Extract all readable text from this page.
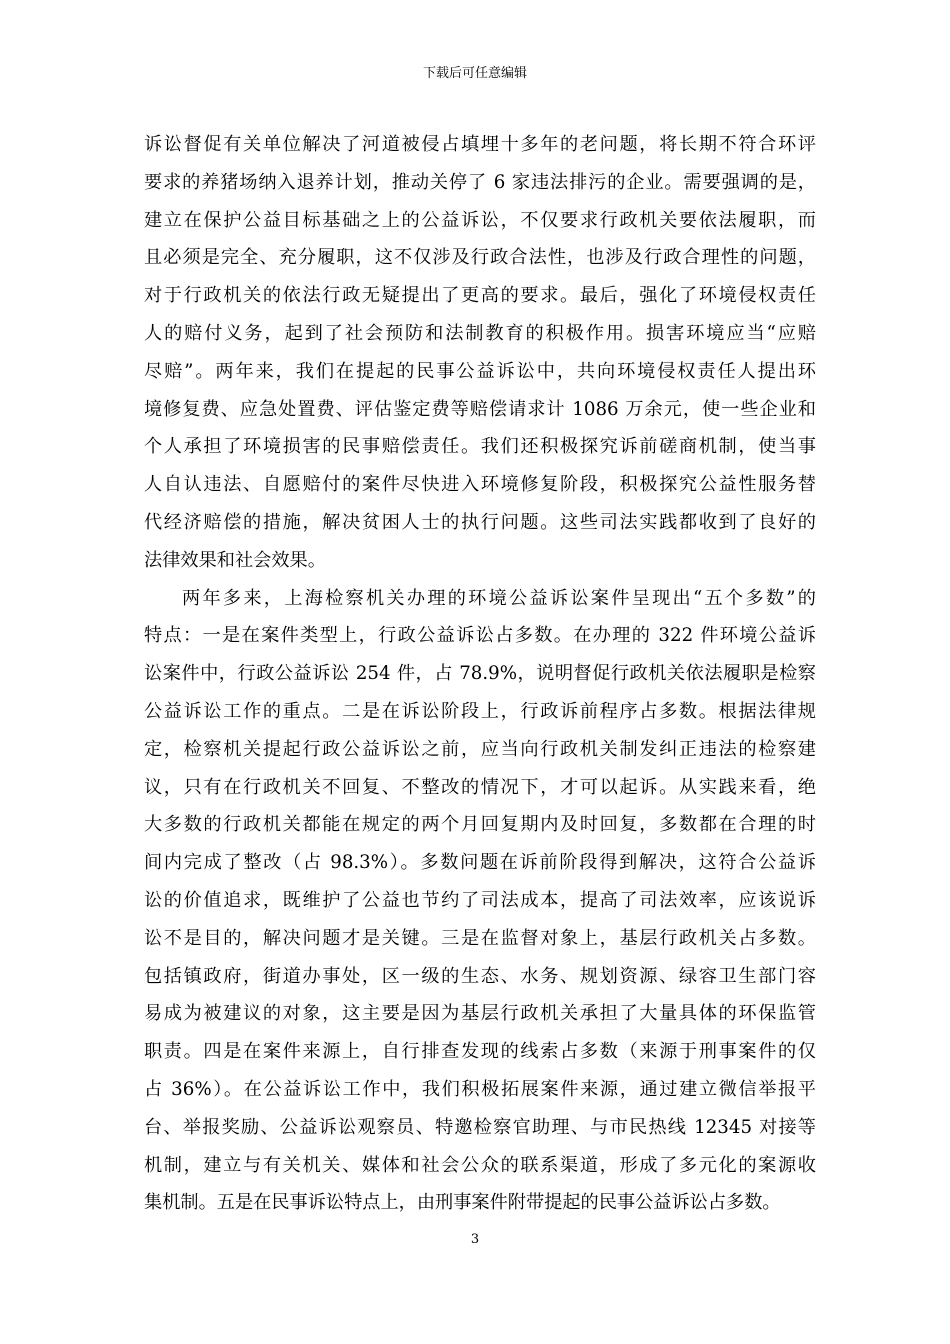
下载后可任意编辑
诉讼督促有关单位解决了河道被侵占填埋十多年的老问题，将长期不符合环评
要求的养猪场纳入退养计划，推动关停了 6 家违法排污的企业。需要强调的是，
建立在保护公益目标基础之上的公益诉讼，不仅要求行政机关要依法履职，而
且必须是完全、充分履职，这不仅涉及行政合法性，也涉及行政合理性的问题，
对于行政机关的依法行政无疑提出了更高的要求。最后，强化了环境侵权责任
人的赔付义务，起到了社会预防和法制教育的积极作用。损害环境应当“应赔
尽赔”。两年来，我们在提起的民事公益诉讼中，共向环境侵权责任人提出环
境修复费、应急处置费、评估鉴定费等赔偿请求计 1086 万余元，使一些企业和
个人承担了环境损害的民事赔偿责任。我们还积极探究诉前磋商机制，使当事
人自认违法、自愿赔付的案件尽快进入环境修复阶段，积极探究公益性服务替
代经济赔偿的措施，解决贫困人士的执行问题。这些司法实践都收到了良好的
法律效果和社会效果。
两年多来，上海检察机关办理的环境公益诉讼案件呈现出“五个多数”的
特点：一是在案件类型上，行政公益诉讼占多数。在办理的 322 件环境公益诉
讼案件中，行政公益诉讼 254 件，占 78.9%，说明督促行政机关依法履职是检察
公益诉讼工作的重点。二是在诉讼阶段上，行政诉前程序占多数。根据法律规
定，检察机关提起行政公益诉讼之前，应当向行政机关制发纠正违法的检察建
议，只有在行政机关不回复、不整改的情况下，才可以起诉。从实践来看，绝
大多数的行政机关都能在规定的两个月回复期内及时回复，多数都在合理的时
间内完成了整改（占 98.3%）。多数问题在诉前阶段得到解决，这符合公益诉
讼的价值追求，既维护了公益也节约了司法成本，提高了司法效率，应该说诉
讼不是目的，解决问题才是关键。三是在监督对象上，基层行政机关占多数。
包括镇政府，街道办事处，区一级的生态、水务、规划资源、绿容卫生部门容
易成为被建议的对象，这主要是因为基层行政机关承担了大量具体的环保监管
职责。四是在案件来源上，自行排查发现的线索占多数（来源于刑事案件的仅
占 36%）。在公益诉讼工作中，我们积极拓展案件来源，通过建立微信举报平
台、举报奖励、公益诉讼观察员、特邀检察官助理、与市民热线 12345 对接等
机制，建立与有关机关、媒体和社会公众的联系渠道，形成了多元化的案源收
集机制。五是在民事诉讼特点上，由刑事案件附带提起的民事公益诉讼占多数。
3
